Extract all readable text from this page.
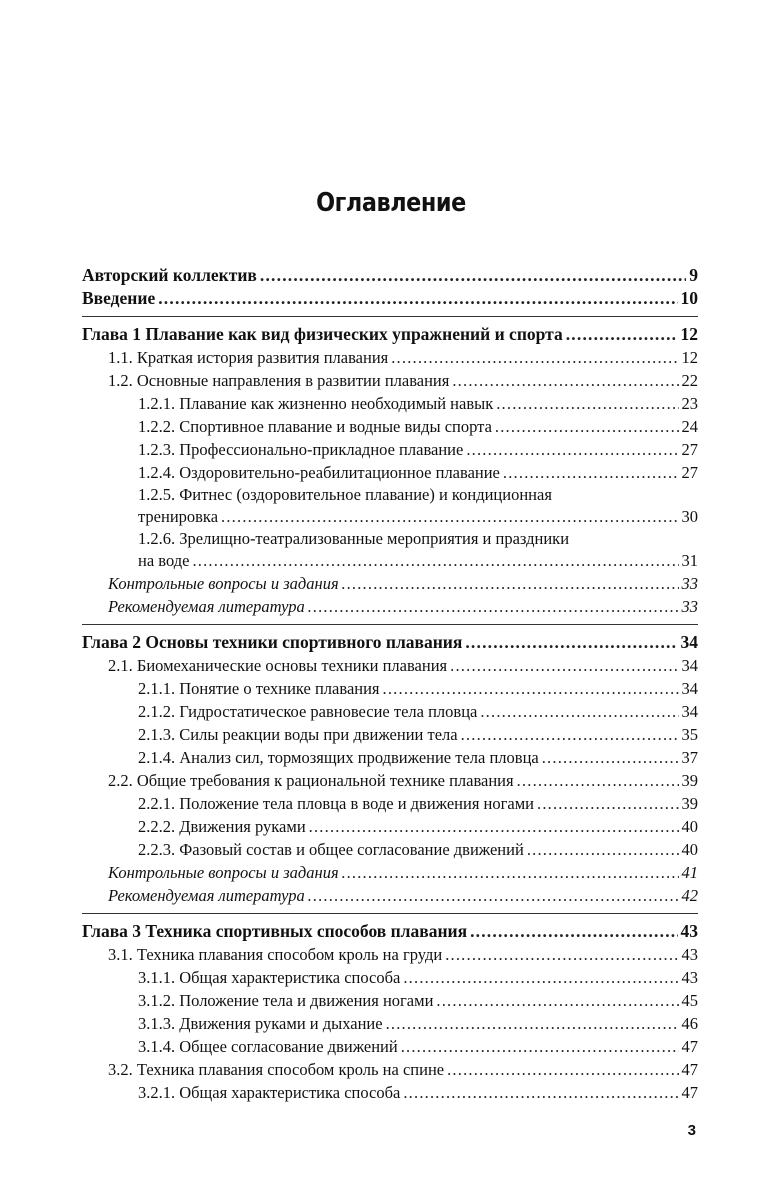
Оглавление
Авторский коллектив .....	9
Введение .....	10
Глава 1 Плавание как вид физических упражнений и спорта .....	12
1.1. Краткая история развития плавания .....	12
1.2. Основные направления в развитии плавания .....	22
1.2.1. Плавание как жизненно необходимый навык .....	23
1.2.2. Спортивное плавание и водные виды спорта .....	24
1.2.3. Профессионально-прикладное плавание .....	27
1.2.4. Оздоровительно-реабилитационное плавание .....	27
1.2.5. Фитнес (оздоровительное плавание) и кондиционная
тренировка .....	30
1.2.6. Зрелищно-театрализованные мероприятия и праздники
на воде .....	31
Контрольные вопросы и задания .....	33
Рекомендуемая литература .....	33
Глава 2 Основы техники спортивного плавания .....	34
2.1. Биомеханические основы техники плавания .....	34
2.1.1. Понятие о технике плавания .....	34
2.1.2. Гидростатическое равновесие тела пловца .....	34
2.1.3. Силы реакции воды при движении тела .....	35
2.1.4. Анализ сил, тормозящих продвижение тела пловца .....	37
2.2. Общие требования к рациональной технике плавания .....	39
2.2.1. Положение тела пловца в воде и движения ногами .....	39
2.2.2. Движения руками .....	40
2.2.3. Фазовый состав и общее согласование движений .....	40
Контрольные вопросы и задания .....	41
Рекомендуемая литература .....	42
Глава 3 Техника спортивных способов плавания .....	43
3.1. Техника плавания способом кроль на груди .....	43
3.1.1. Общая характеристика способа .....	43
3.1.2. Положение тела и движения ногами .....	45
3.1.3. Движения руками и дыхание .....	46
3.1.4. Общее согласование движений .....	47
3.2. Техника плавания способом кроль на спине .....	47
3.2.1. Общая характеристика способа .....	47
3
